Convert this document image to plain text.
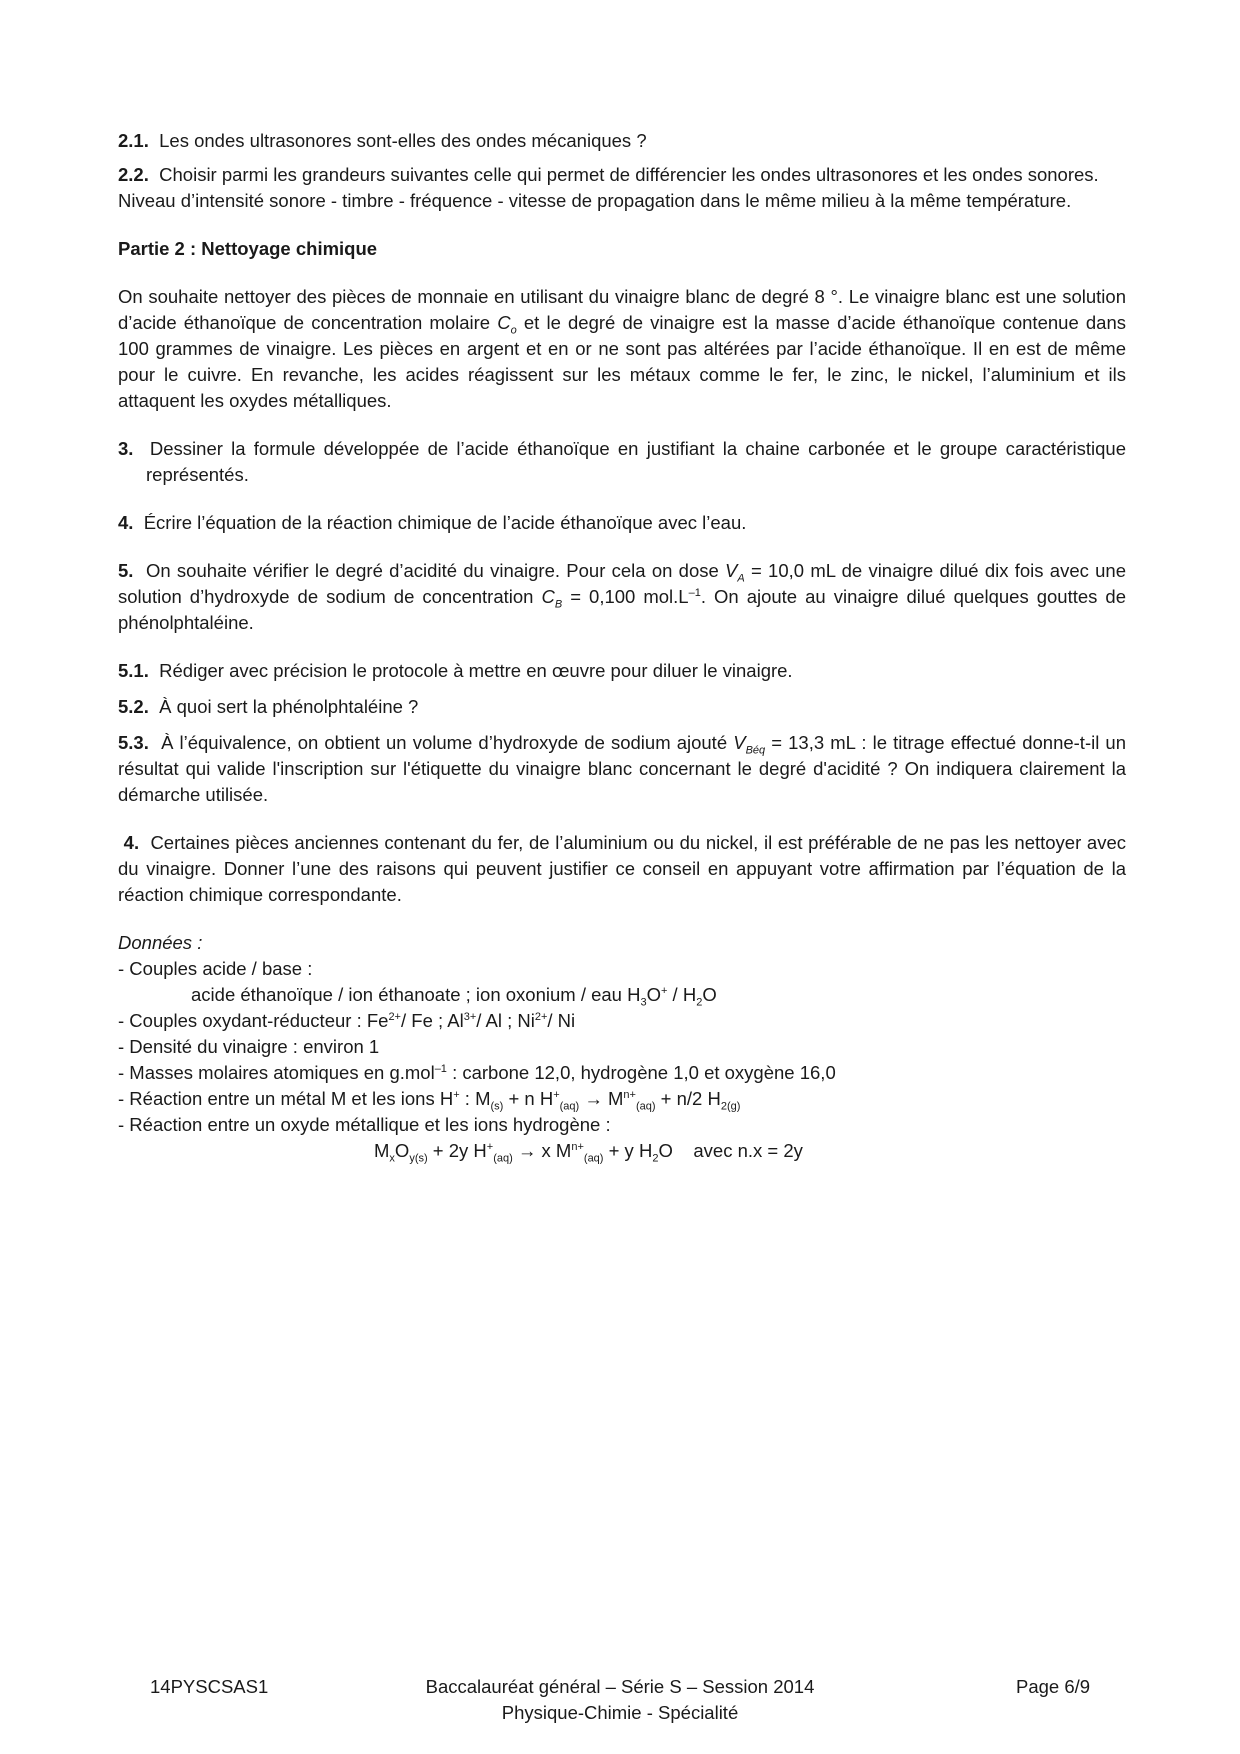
2.1. Les ondes ultrasonores sont-elles des ondes mécaniques ?

2.2. Choisir parmi les grandeurs suivantes celle qui permet de différencier les ondes ultrasonores et les ondes sonores.

Niveau d’intensité sonore - timbre - fréquence - vitesse de propagation dans le même milieu à la même température.

Partie 2 : Nettoyage chimique

On souhaite nettoyer des pièces de monnaie en utilisant du vinaigre blanc de degré 8 °. Le vinaigre blanc est une solution d’acide éthanoïque de concentration molaire $C_o$ et le degré de vinaigre est la masse d’acide éthanoïque contenue dans 100 grammes de vinaigre. Les pièces en argent et en or ne sont pas altérées par l’acide éthanoïque. Il en est de même pour le cuivre. En revanche, les acides réagissent sur les métaux comme le fer, le zinc, le nickel, l’aluminium et ils attaquent les oxydes métalliques.

3. Dessiner la formule développée de l’acide éthanoïque en justifiant la chaine carbonée et le groupe caractéristique représentés.

4. Écrire l’équation de la réaction chimique de l’acide éthanoïque avec l’eau.

5. On souhaite vérifier le degré d’acidité du vinaigre. Pour cela on dose $V_A = 10,0$ mL de vinaigre dilué dix fois avec une solution d’hydroxyde de sodium de concentration $C_B = 0,100$ $mol.L^{-1}$. On ajoute au vinaigre dilué quelques gouttes de phénolphtaléine.

5.1. Rédiger avec précision le protocole à mettre en œuvre pour diluer le vinaigre.

5.2. À quoi sert la phénolphtaléine ?

5.3. À l’équivalence, on obtient un volume d’hydroxyde de sodium ajouté $V_{Béq} = 13,3$ mL : le titrage effectué donne-t-il un résultat qui valide l'inscription sur l'étiquette du vinaigre blanc concernant le degré d'acidité ? On indiquera clairement la démarche utilisée.

4. Certaines pièces anciennes contenant du fer, de l’aluminium ou du nickel, il est préférable de ne pas les nettoyer avec du vinaigre. Donner l’une des raisons qui peuvent justifier ce conseil en appuyant votre affirmation par l’équation de la réaction chimique correspondante.

Données :

- Couples acide / base :

acide éthanoïque / ion éthanoate ; ion oxonium / eau $H_3O^+ / H_2O$

- Couples oxydant-réducteur : $Fe^{2+}/$ Fe ; $Al^{3+}/$ Al ; $Ni^{2+}/$ Ni

- Densité du vinaigre : environ 1

- Masses molaires atomiques en g.mol$^{-1}$ : carbone 12,0, hydrogène 1,0 et oxygène 16,0

- Réaction entre un métal M et les ions H+ : $M_{(s)} + n$ $H^+_{(aq)} \to M^{n+}_{(aq)} + n/2$ $H_{2(g)}$

- Réaction entre un oxyde métallique et les ions hydrogène :

$M_xO_{y(s)} + 2y$ $H^+_{(aq)} \to x$ $M^{n+}_{(aq)} + y$ $H_2O$    avec n.x = 2y

14PYSCSAS1	Baccalauréat général – Série S – Session 2014
Physique-Chimie - Spécialité
Page 6/9
